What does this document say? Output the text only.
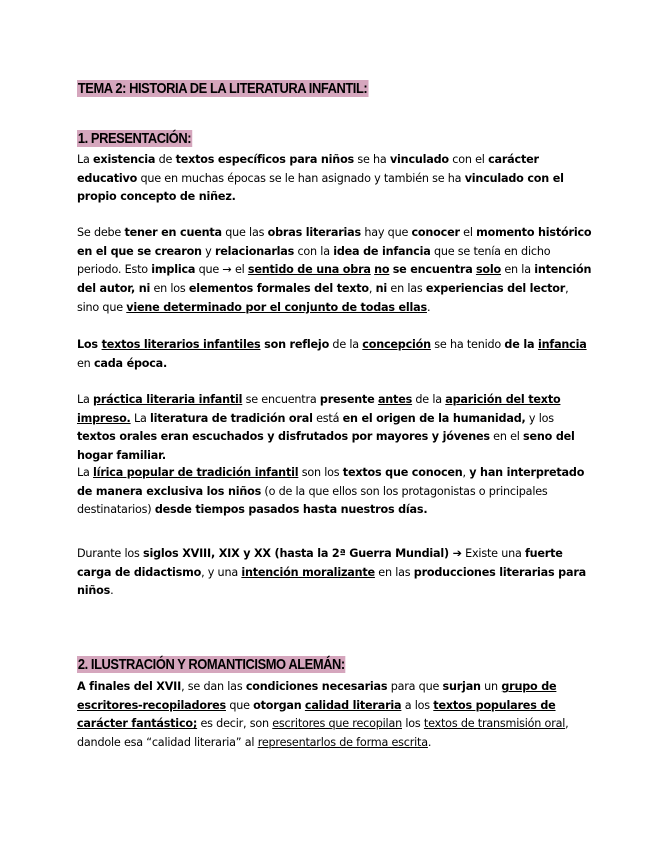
TEMA 2: HISTORIA DE LA LITERATURA INFANTIL:
1. PRESENTACIÓN:

La existencia de textos específicos para niños se ha vinculado con el carácter educativo que en muchas épocas se le han asignado y también se ha vinculado con el propio concepto de niñez.

Se debe tener en cuenta que las obras literarias hay que conocer el momento histórico en el que se crearon y relacionarlas con la idea de infancia que se tenía en dicho periodo. Esto implica que → el sentido de una obra no se encuentra solo en la intención del autor, ni en los elementos formales del texto, ni en las experiencias del lector, sino que viene determinado por el conjunto de todas ellas.

Los textos literarios infantiles son reflejo de la concepción se ha tenido de la infancia en cada época.

La práctica literaria infantil se encuentra presente antes de la aparición del texto impreso. La literatura de tradición oral está en el origen de la humanidad, y los textos orales eran escuchados y disfrutados por mayores y jóvenes en el seno del hogar familiar.

La lírica popular de tradición infantil son los textos que conocen, y han interpretado de manera exclusiva los niños (o de la que ellos son los protagonistas o principales destinatarios) desde tiempos pasados hasta nuestros días.

Durante los siglos XVIII, XIX y XX (hasta la 2ª Guerra Mundial) ➔ Existe una fuerte carga de didactismo, y una intención moralizante en las producciones literarias para niños.

2. ILUSTRACIÓN Y ROMANTICISMO ALEMÁN:

A finales del XVII, se dan las condiciones necesarias para que surjan un grupo de escritores-recopiladores que otorgan calidad literaria a los textos populares de carácter fantástico; es decir, son escritores que recopilan los textos de transmisión oral, dandole esa “calidad literaria” al representarlos de forma escrita.
